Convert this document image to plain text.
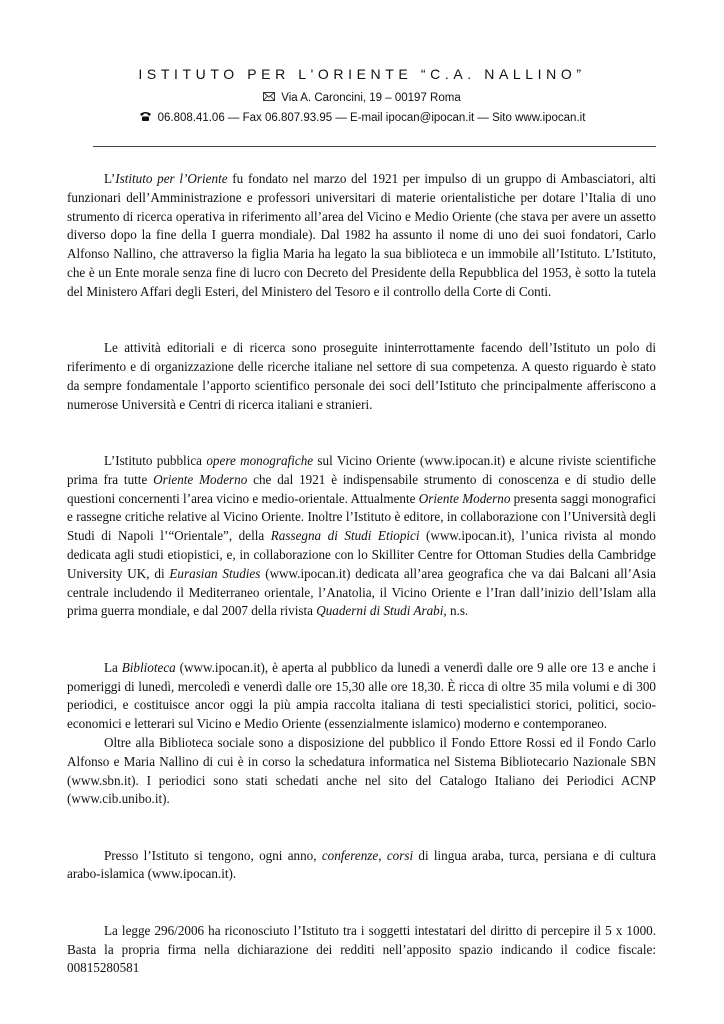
ISTITUTO PER L'ORIENTE “C.A. NALLINO”
Via A. Caroncini, 19 – 00197 Roma
06.808.41.06 — Fax 06.807.93.95 — E-mail ipocan@ipocan.it — Sito www.ipocan.it

L’Istituto per l’Oriente fu fondato nel marzo del 1921 per impulso di un gruppo di Ambasciatori, alti funzionari dell’Amministrazione e professori universitari di materie orientalistiche per dotare l’Italia di uno strumento di ricerca operativa in riferimento all’area del Vicino e Medio Oriente (che stava per avere un assetto diverso dopo la fine della I guerra mondiale). Dal 1982 ha assunto il nome di uno dei suoi fondatori, Carlo Alfonso Nallino, che attraverso la figlia Maria ha legato la sua biblioteca e un immobile all’Istituto. L’Istituto, che è un Ente morale senza fine di lucro con Decreto del Presidente della Repubblica del 1953, è sotto la tutela del Ministero Affari degli Esteri, del Ministero del Tesoro e il controllo della Corte di Conti.

Le attività editoriali e di ricerca sono proseguite ininterrottamente facendo dell’Istituto un polo di riferimento e di organizzazione delle ricerche italiane nel settore di sua competenza. A questo riguardo è stato da sempre fondamentale l’apporto scientifico personale dei soci dell’Istituto che principalmente afferiscono a numerose Università e Centri di ricerca italiani e stranieri.

L’Istituto pubblica opere monografiche sul Vicino Oriente (www.ipocan.it) e alcune riviste scientifiche prima fra tutte Oriente Moderno che dal 1921 è indispensabile strumento di conoscenza e di studio delle questioni concernenti l’area vicino e medio-orientale. Attualmente Oriente Moderno presenta saggi monografici e rassegne critiche relative al Vicino Oriente. Inoltre l’Istituto è editore, in collaborazione con l’Università degli Studi di Napoli l’“Orientale”, della Rassegna di Studi Etiopici (www.ipocan.it), l’unica rivista al mondo dedicata agli studi etiopistici, e, in collaborazione con lo Skilliter Centre for Ottoman Studies della Cambridge University UK, di Eurasian Studies (www.ipocan.it) dedicata all’area geografica che va dai Balcani all’Asia centrale includendo il Mediterraneo orientale, l’Anatolia, il Vicino Oriente e l’Iran dall’inizio dell’Islam alla prima guerra mondiale, e dal 2007 della rivista Quaderni di Studi Arabi, n.s.

La Biblioteca (www.ipocan.it), è aperta al pubblico da lunedì a venerdì dalle ore 9 alle ore 13 e anche i pomeriggi di lunedì, mercoledì e venerdì dalle ore 15,30 alle ore 18,30. È ricca di oltre 35 mila volumi e di 300 periodici, e costituisce ancor oggi la più ampia raccolta italiana di testi specialistici storici, politici, socio-economici e letterari sul Vicino e Medio Oriente (essenzialmente islamico) moderno e contemporaneo.

Oltre alla Biblioteca sociale sono a disposizione del pubblico il Fondo Ettore Rossi ed il Fondo Carlo Alfonso e Maria Nallino di cui è in corso la schedatura informatica nel Sistema Bibliotecario Nazionale SBN (www.sbn.it). I periodici sono stati schedati anche nel sito del Catalogo Italiano dei Periodici ACNP (www.cib.unibo.it).

Presso l’Istituto si tengono, ogni anno, conferenze, corsi di lingua araba, turca, persiana e di cultura arabo-islamica (www.ipocan.it).

La legge 296/2006 ha riconosciuto l’Istituto tra i soggetti intestatari del diritto di percepire il 5 x 1000. Basta la propria firma nella dichiarazione dei redditi nell’apposito spazio indicando il codice fiscale: 00815280581
